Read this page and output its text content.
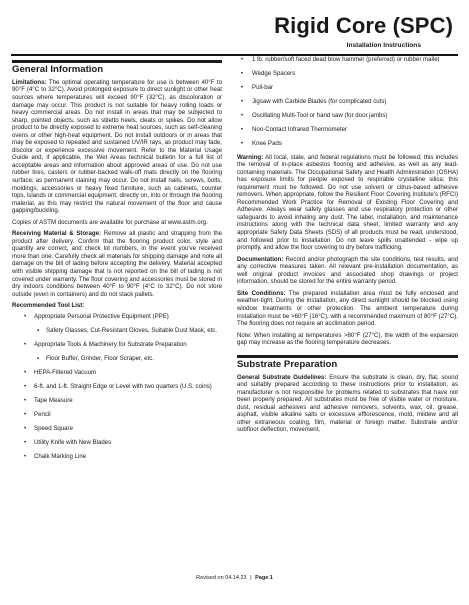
Rigid Core (SPC)
Installation Instructions
General Information

Limitations: The optimal operating temperature for use is between 40°F to 90°F (4°C to 32°C). Avoid prolonged exposure to direct sunlight or other heat sources where temperatures will exceed 90°F (32°C), as discoloration or damage may occur. This product is not suitable for heavy rolling loads or heavy commercial areas. Do not install in areas that may be subjected to sharp, pointed objects, such as stiletto heels, cleats or spikes. Do not allow product to be directly exposed to extreme heat sources, such as self-cleaning ovens or other high-heat equipment. Do not install outdoors or in areas that may be exposed to repeated and sustained UV/IR rays, as product may fade, discolor or experience excessive movement. Refer to the Material Usage Guide and, if applicable, the Wet Areas technical bulletin for a full list of acceptable areas and information about approved areas of use. Do not use rubber tires, casters or rubber-backed walk-off mats directly on the flooring surface, as permanent staining may occur. Do not install nails, screws, bolts, moldings, accessories or heavy fixed furniture, such as cabinets, counter tops, islands or commercial equipment, directly on, into or through the flooring material, as this may restrict the natural movement of the floor and cause gapping/buckling.

Copies of ASTM documents are available for purchase at www.astm.org.

Receiving Material & Storage: Remove all plastic and strapping from the product after delivery. Confirm that the flooring product color, style and quantity are correct, and check lot numbers, in the event you've received more than one. Carefully check all materials for shipping damage and note all damage on the bill of lading before accepting the delivery. Material accepted with visible shipping damage that is not reported on the bill of lading is not covered under warranty. The floor covering and accessories must be stored in dry indoors conditions between 40°F to 90°F (4°C to 32°C). Do not store outside (even in containers) and do not stack pallets.

Recommended Tool List:
• Appropriate Personal Protective Equipment (PPE)
▪ Safety Glasses, Cut-Resistant Gloves, Suitable Dust Mask, etc.
• Appropriate Tools & Machinery for Substrate Preparation
▪ Floor Buffer, Grinder, Floor Scraper, etc.
• HEPA-Filtered Vacuum
• 6-ft. and 1-ft. Straight Edge or Level with two quarters (U.S. coins)
• Tape Measure
• Pencil
• Speed Square
• Utility Knife with New Blades
• Chalk Marking Line
• 1 lb. rubber/soft faced dead blow hammer (preferred) or rubber mallet
• Wedge Spacers
• Pull-bar
• Jigsaw with Carbide Blades (for complicated cuts)
• Oscillating Multi-Tool or hand saw (for door jambs)
• Non-Contact Infrared Thermometer
• Knee Pads

Warning: All local, state, and federal regulations must be followed; this includes the removal of in-place asbestos flooring and adhesive, as well as any lead-containing materials. The Occupational Safety and Health Administration (OSHA) has exposure limits for people exposed to respirable crystalline silica; this requirement must be followed. Do not use solvent or citrus-based adhesive removers. When appropriate, follow the Resilient Floor Covering Institute's (RFCI) Recommended Work Practice for Removal of Existing Floor Covering and Adhesive. Always wear safety glasses and use respiratory protection or other safeguards to avoid inhaling any dust. The label, installation, and maintenance instructions along with the technical data sheet, limited warranty and any appropriate Safety Data Sheets (SDS) of all products must be read, understood, and followed prior to installation. Do not leave spills unattended - wipe up promptly, and allow the floor covering to dry before trafficking.

Documentation: Record and/or photograph the site conditions, test results, and any corrective measures taken. All relevant pre-installation documentation, as well original product invoices and associated shop drawings or project information, should be stored for the entire warranty period.

Site Conditions: The prepared installation area must be fully enclosed and weather-tight. During the installation, any direct sunlight should be blocked using window treatments or other protection. The ambient temperature during installation must be >60°F (16°C), with a recommended maximum of 80°F (27°C). The flooring does not require an acclimation period.

Note: When installing at temperatures >80°F (27°C), the width of the expansion gap may increase as the flooring temperature decreases.

Substrate Preparation

General Substrate Guidelines: Ensure the substrate is clean, dry, flat, sound and suitably prepared according to these instructions prior to installation, as manufacturer is not responsible for problems related to substrates that have not been properly prepared. All substrates must be free of visible water or moisture, dust, residual adhesives and adhesive removers, solvents, wax, oil, grease, asphalt, visible alkaline salts or excessive efflorescence, mold, mildew and all other extraneous coating, film, material or foreign matter. Substrate and/or subfloor deflection, movement,

Revised on 04.14.23 | Page 1
